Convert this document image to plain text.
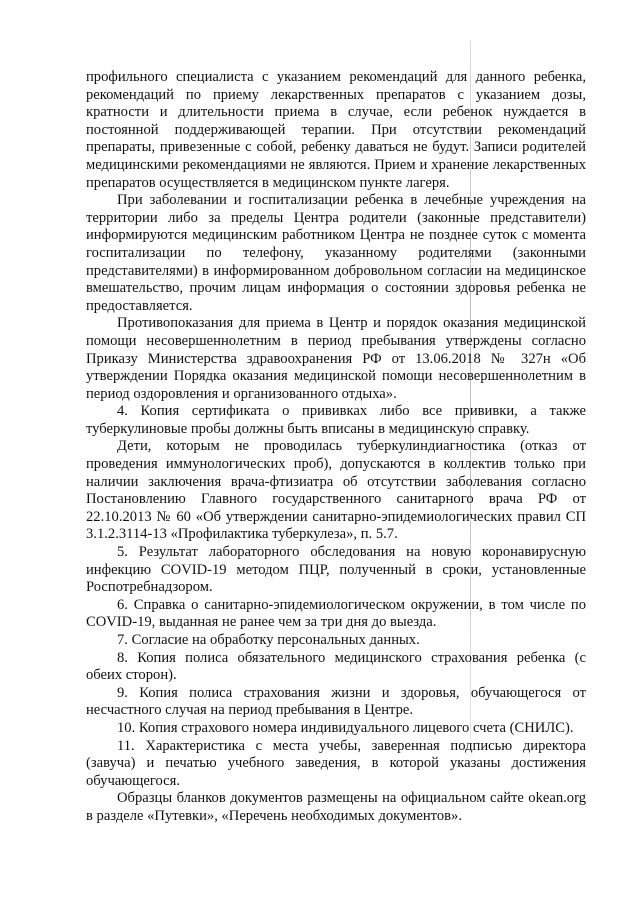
профильного специалиста с указанием рекомендаций для данного ребенка, рекомендаций по приему лекарственных препаратов с указанием дозы, кратности и длительности приема в случае, если ребенок нуждается в постоянной поддерживающей терапии. При отсутствии рекомендаций препараты, привезенные с собой, ребенку даваться не будут. Записи родителей медицинскими рекомендациями не являются. Прием и хранение лекарственных препаратов осуществляется в медицинском пункте лагеря.

При заболевании и госпитализации ребенка в лечебные учреждения на территории либо за пределы Центра родители (законные представители) информируются медицинским работником Центра не позднее суток с момента госпитализации по телефону, указанному родителями (законными представителями) в информированном добровольном согласии на медицинское вмешательство, прочим лицам информация о состоянии здоровья ребенка не предоставляется.

Противопоказания для приема в Центр и порядок оказания медицинской помощи несовершеннолетним в период пребывания утверждены согласно Приказу Министерства здравоохранения РФ от 13.06.2018 № 327н «Об утверждении Порядка оказания медицинской помощи несовершеннолетним в период оздоровления и организованного отдыха».

4. Копия сертификата о прививках либо все прививки, а также туберкулиновые пробы должны быть вписаны в медицинскую справку.

Дети, которым не проводилась туберкулиндиагностика (отказ от проведения иммунологических проб), допускаются в коллектив только при наличии заключения врача-фтизиатра об отсутствии заболевания согласно Постановлению Главного государственного санитарного врача РФ от 22.10.2013 № 60 «Об утверждении санитарно-эпидемиологических правил СП 3.1.2.3114-13 «Профилактика туберкулеза», п. 5.7.

5. Результат лабораторного обследования на новую коронавирусную инфекцию COVID-19 методом ПЦР, полученный в сроки, установленные Роспотребнадзором.

6. Справка о санитарно-эпидемиологическом окружении, в том числе по COVID-19, выданная не ранее чем за три дня до выезда.

7. Согласие на обработку персональных данных.

8. Копия полиса обязательного медицинского страхования ребенка (с обеих сторон).

9. Копия полиса страхования жизни и здоровья, обучающегося от несчастного случая на период пребывания в Центре.

10. Копия страхового номера индивидуального лицевого счета (СНИЛС).

11. Характеристика с места учебы, заверенная подписью директора (завуча) и печатью учебного заведения, в которой указаны достижения обучающегося.

Образцы бланков документов размещены на официальном сайте okean.org в разделе «Путевки», «Перечень необходимых документов».
